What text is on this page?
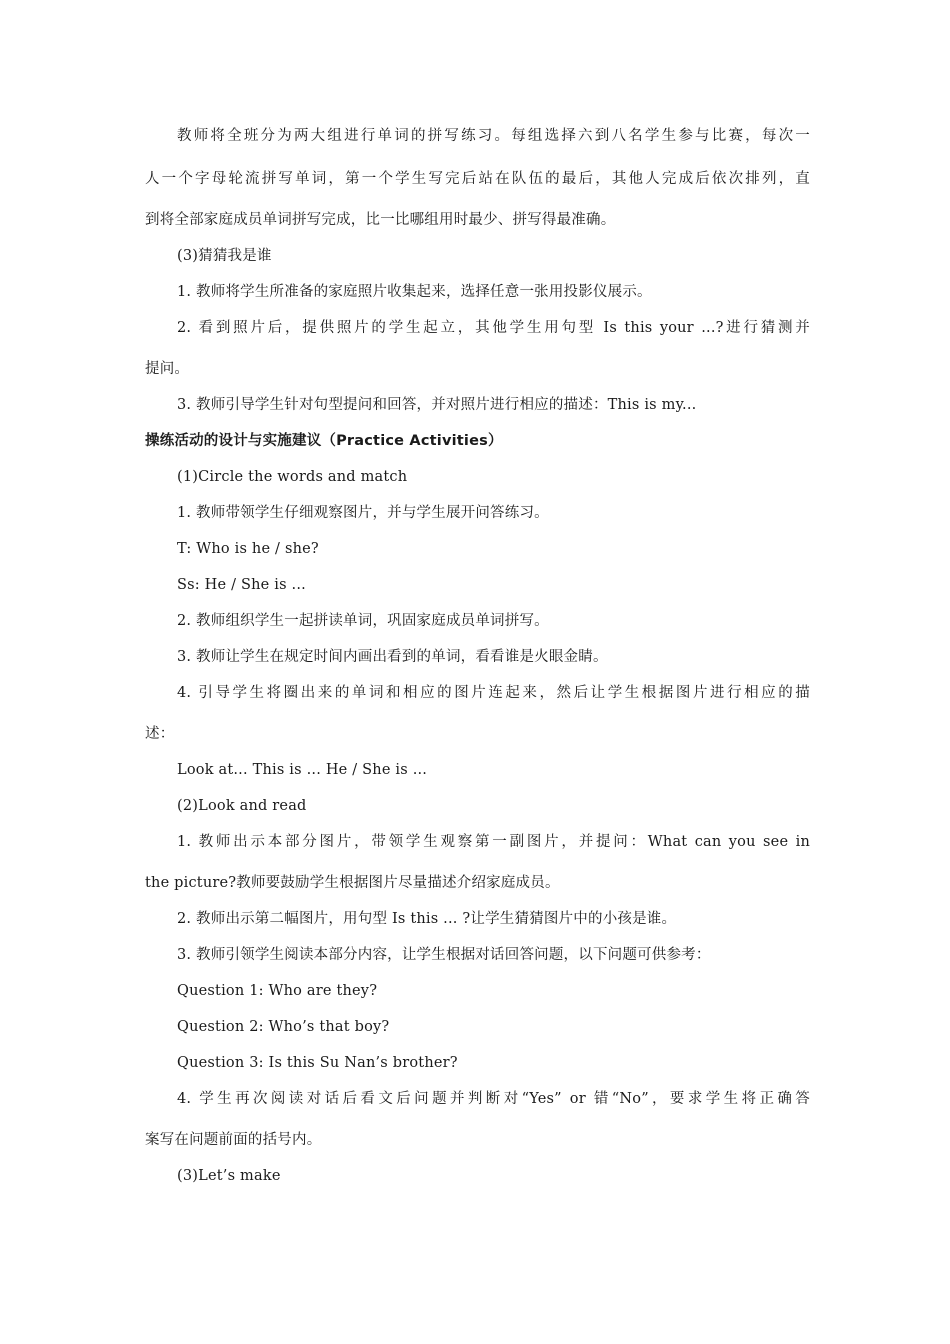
教师将全班分为两大组进行单词的拼写练习。每组选择六到八名学生参与比赛，每次一
人一个字母轮流拼写单词，第一个学生写完后站在队伍的最后，其他人完成后依次排列，直
到将全部家庭成员单词拼写完成，比一比哪组用时最少、拼写得最准确。
(3)猜猜我是谁
1. 教师将学生所准备的家庭照片收集起来，选择任意一张用投影仪展示。
2. 看到照片后，提供照片的学生起立，其他学生用句型 Is this your ...?进行猜测并
提问。
3. 教师引导学生针对句型提问和回答，并对照片进行相应的描述：This is my...
操练活动的设计与实施建议（Practice Activities）
(1)Circle the words and match
1. 教师带领学生仔细观察图片，并与学生展开问答练习。
T: Who is he / she?
Ss: He / She is ...
2. 教师组织学生一起拼读单词，巩固家庭成员单词拼写。
3. 教师让学生在规定时间内画出看到的单词，看看谁是火眼金睛。
4. 引导学生将圈出来的单词和相应的图片连起来，然后让学生根据图片进行相应的描
述：
Look at... This is ... He / She is ...
(2)Look and read
1. 教师出示本部分图片，带领学生观察第一副图片，并提问：What can you see in
the picture?教师要鼓励学生根据图片尽量描述介绍家庭成员。
2. 教师出示第二幅图片，用句型 Is this ... ?让学生猜猜图片中的小孩是谁。
3. 教师引领学生阅读本部分内容，让学生根据对话回答问题，以下问题可供参考：
Question 1: Who are they?
Question 2: Who’s that boy?
Question 3: Is this Su Nan’s brother?
4. 学生再次阅读对话后看文后问题并判断对“Yes” or 错“No”，要求学生将正确答
案写在问题前面的括号内。
(3)Let’s make
